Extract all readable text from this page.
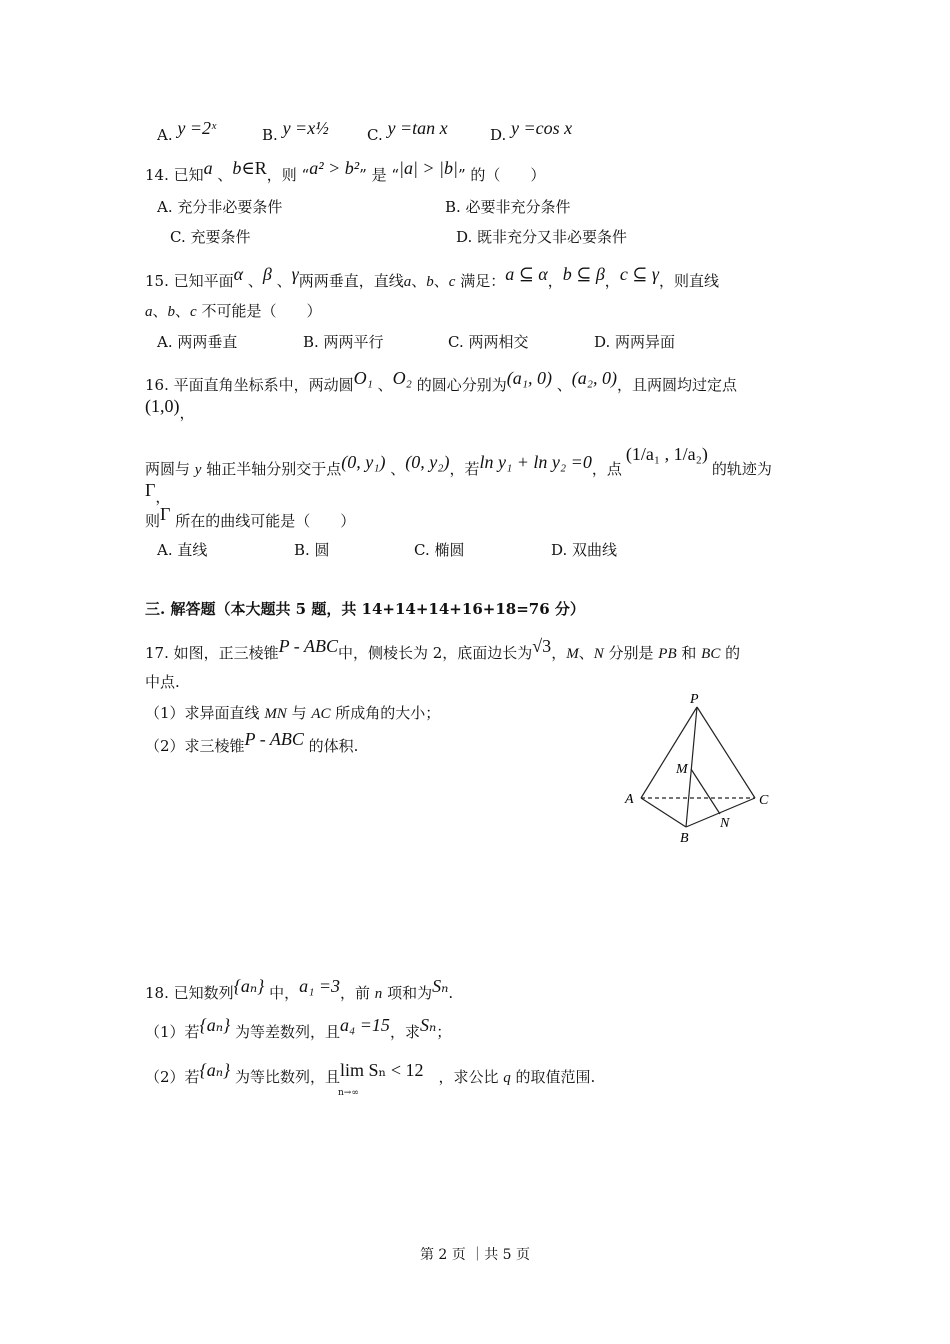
A. y =2ˣ	B. y =x½	C. y =tan x	D. y =cos x
14. 已知a 、b∈R，则 “a² > b²” 是 “|a| > |b|” 的（　　）
A. 充分非必要条件	B. 必要非充分条件
C. 充要条件	D. 既非充分又非必要条件
15. 已知平面α 、β 、γ两两垂直，直线a、b、c 满足：a ⊆ α，b ⊆ β，c ⊆ γ，则直线
a、b、c 不可能是（　　）
A. 两两垂直	B. 两两平行	C. 两两相交	D. 两两异面
16. 平面直角坐标系中，两动圆O₁ 、O₂ 的圆心分别为(a₁, 0) 、(a₂, 0)，且两圆均过定点
(1,0)，
两圆与 y 轴正半轴分别交于点(0, y₁) 、(0, y₂)，若ln y₁ + ln y₂ =0，点
(1/a₁ , 1/a₂)
的轨迹为
Γ，
则Γ 所在的曲线可能是（　　）
A. 直线	B. 圆	C. 椭圆	D. 双曲线
三. 解答题（本大题共 5 题，共 14+14+14+16+18=76 分）
17. 如图，正三棱锥P - ABC中，侧棱长为 2，底面边长为√3，M、N 分别是 PB 和 BC 的
中点.
（1）求异面直线 MN 与 AC 所成角的大小；
（2）求三棱锥P - ABC 的体积.
P
A	C
B
M
N
18. 已知数列{aₙ} 中，a₁ =3，前 n 项和为Sₙ.
（1）若{aₙ} 为等差数列，且a₄ =15，求Sₙ；
（2）若{aₙ} 为等比数列，且lim Sₙ < 12　，求公比 q 的取值范围.
n→∞
第 2 页 ｜共 5 页
